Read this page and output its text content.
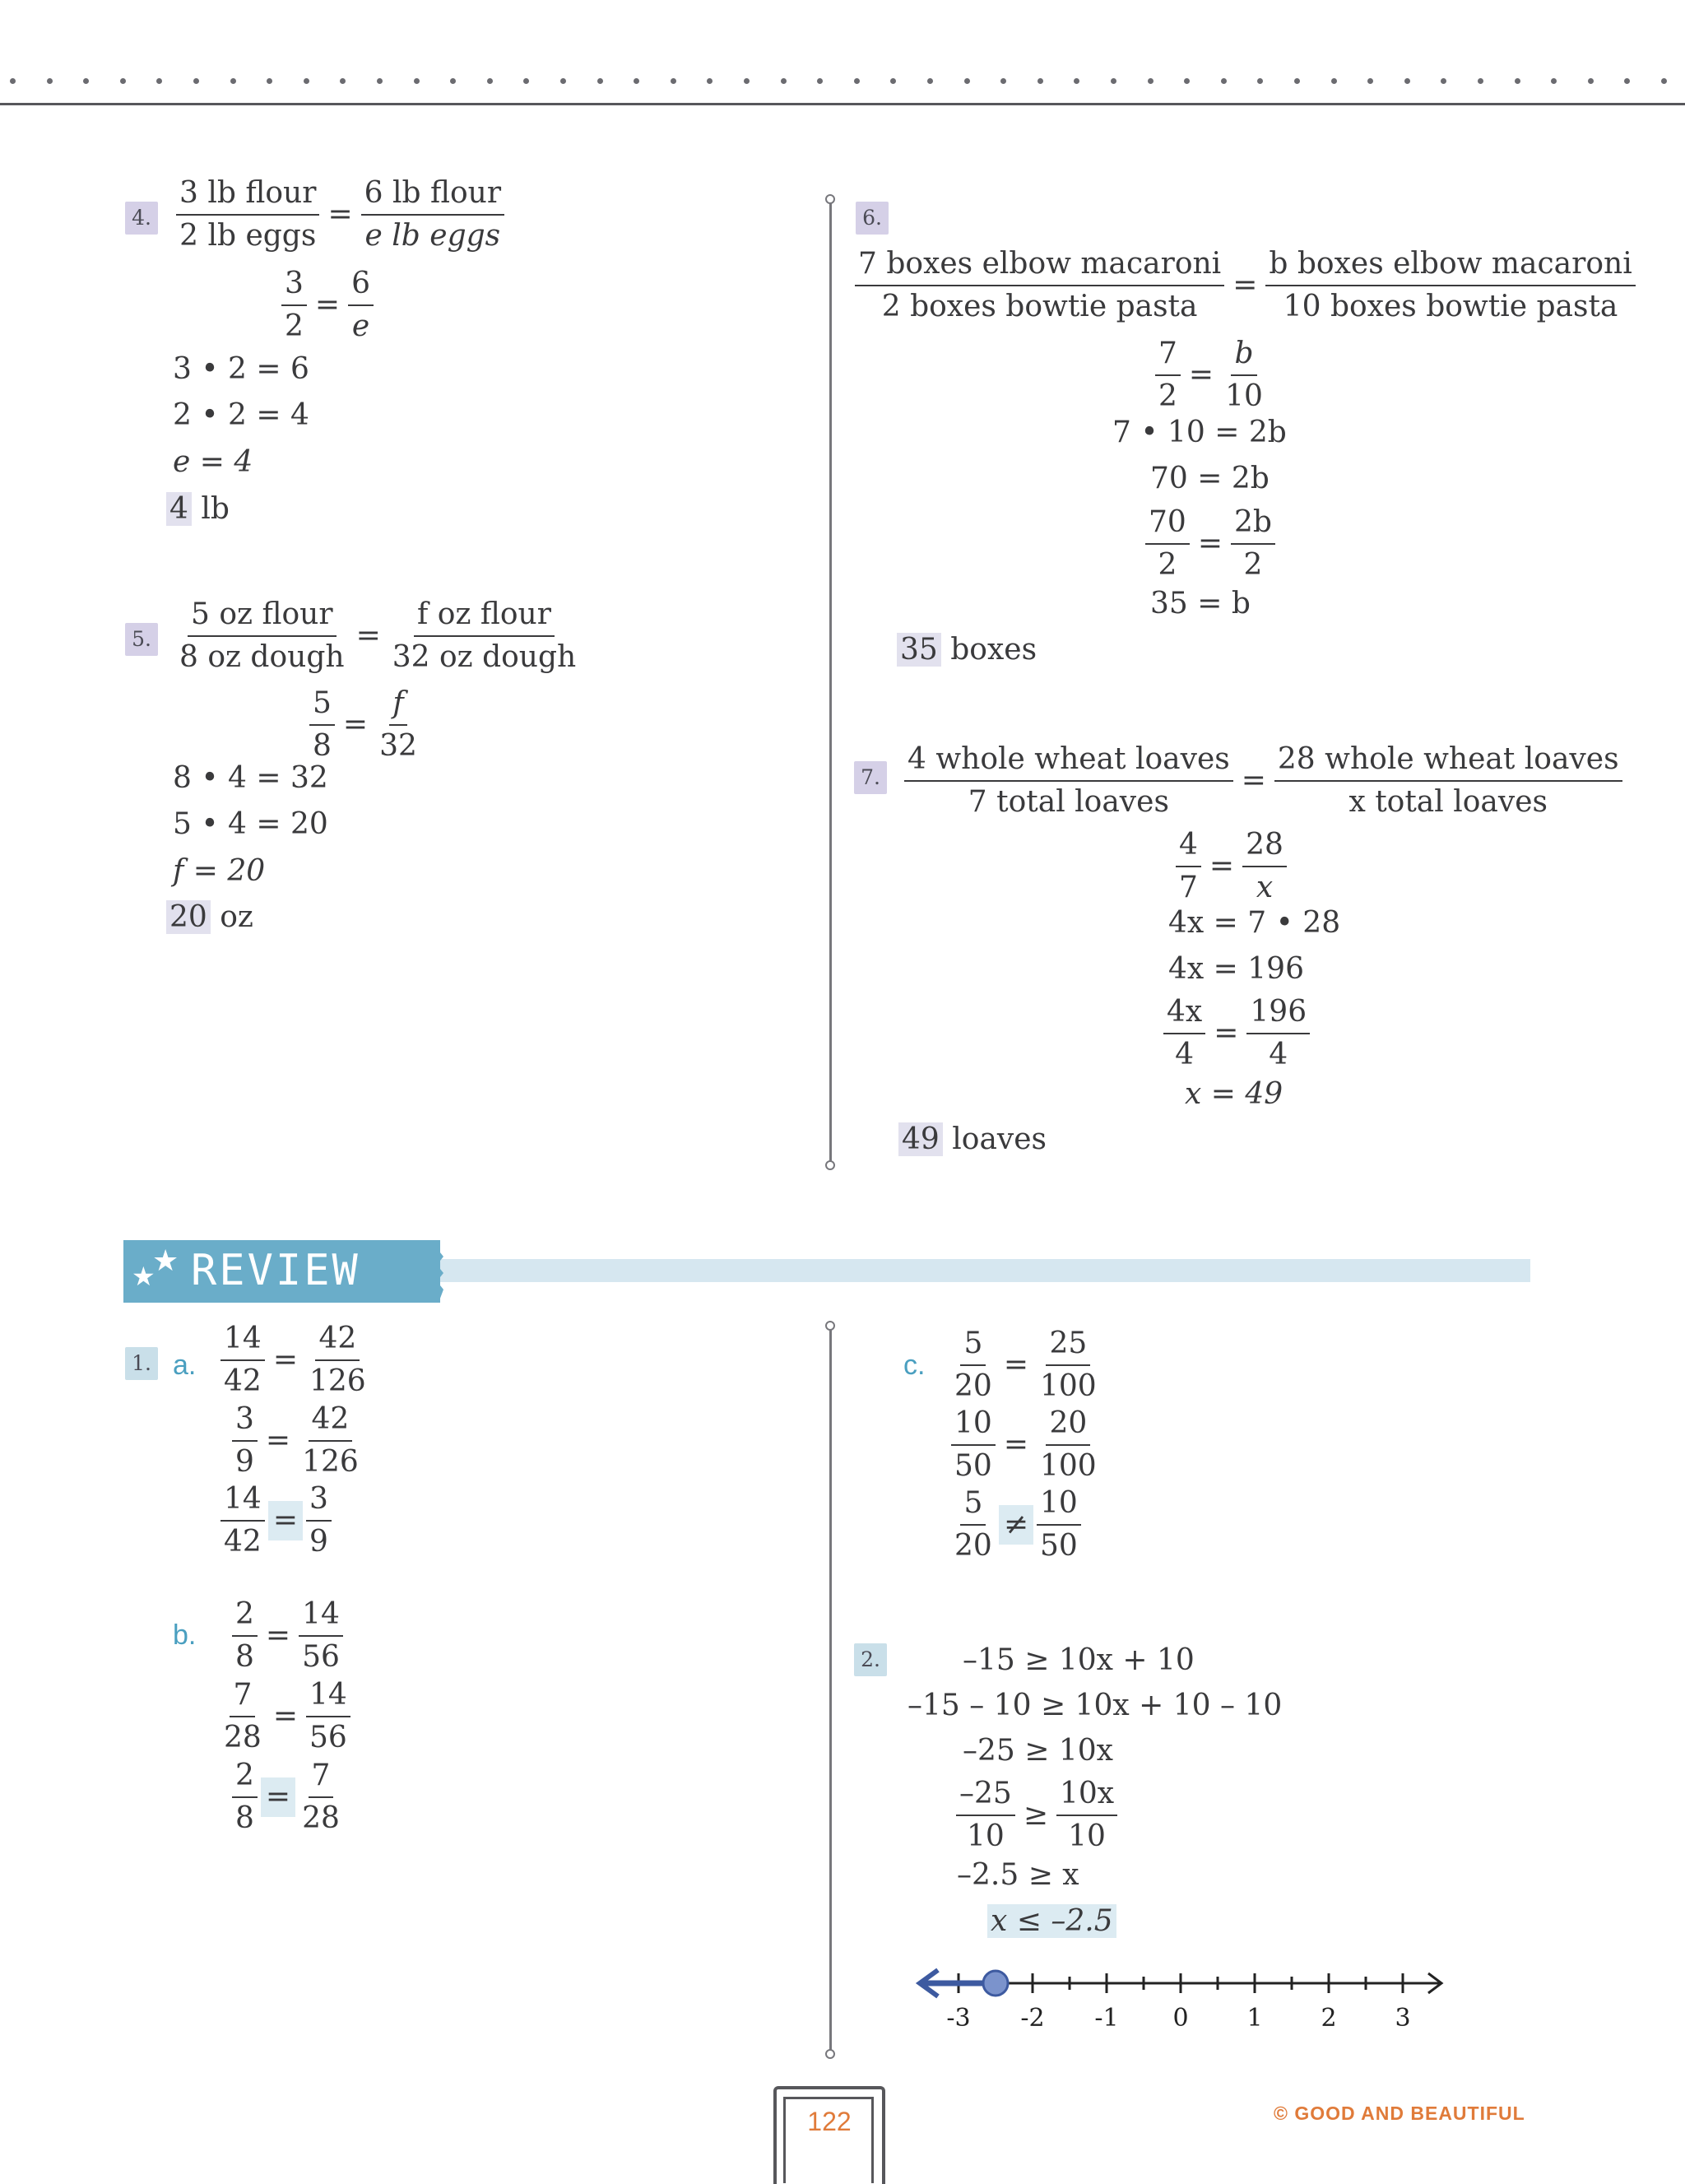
4. $\frac{\text{3 lb flour}}{\text{2 lb eggs}} = \frac{\text{6 lb flour}}{\text{e lb eggs}}$
$\frac{3}{2} = \frac{6}{e}$
3 • 2 = 6
2 • 2 = 4
e = 4
4 lb
5. $\frac{\text{5 oz flour}}{\text{8 oz dough}} = \frac{\text{f oz flour}}{\text{32 oz dough}}$
$\frac{5}{8} = \frac{f}{32}$
8 • 4 = 32
5 • 4 = 20
f = 20
20 oz
6.
$\frac{\text{7 boxes elbow macaroni}}{\text{2 boxes bowtie pasta}} = \frac{\text{b boxes elbow macaroni}}{\text{10 boxes bowtie pasta}}$
$\frac{7}{2} = \frac{b}{10}$
7 • 10 = 2b
70 = 2b
$\frac{70}{2} = \frac{2b}{2}$
35 = b
35 boxes
7. $\frac{\text{4 whole wheat loaves}}{\text{7 total loaves}} = \frac{\text{28 whole wheat loaves}}{\text{x total loaves}}$
$\frac{4}{7} = \frac{28}{x}$
4x = 7 • 28
4x = 196
$\frac{4x}{4} = \frac{196}{4}$
x = 49
49 loaves
★
★ REVIEW
1. a. $\frac{14}{42} = \frac{42}{126}$
$\frac{3}{9} = \frac{42}{126}$
$\frac{14}{42} = \frac{3}{9}$
b. $\frac{2}{8} = \frac{14}{56}$
$\frac{7}{28} = \frac{14}{56}$
$\frac{2}{8} = \frac{7}{28}$
c. $\frac{5}{20} = \frac{25}{100}$
$\frac{10}{50} = \frac{20}{100}$
$\frac{5}{20} \ne \frac{10}{50}$
2.	–15 ≥ 10x + 10
–15 – 10 ≥ 10x + 10 – 10
–25 ≥ 10x
$\frac{-25}{10} \ge \frac{10x}{10}$
–2.5 ≥ x
x ≤ –2.5
-3 -2 -1 0 1 2 3
122	© GOOD AND BEAUTIFUL
